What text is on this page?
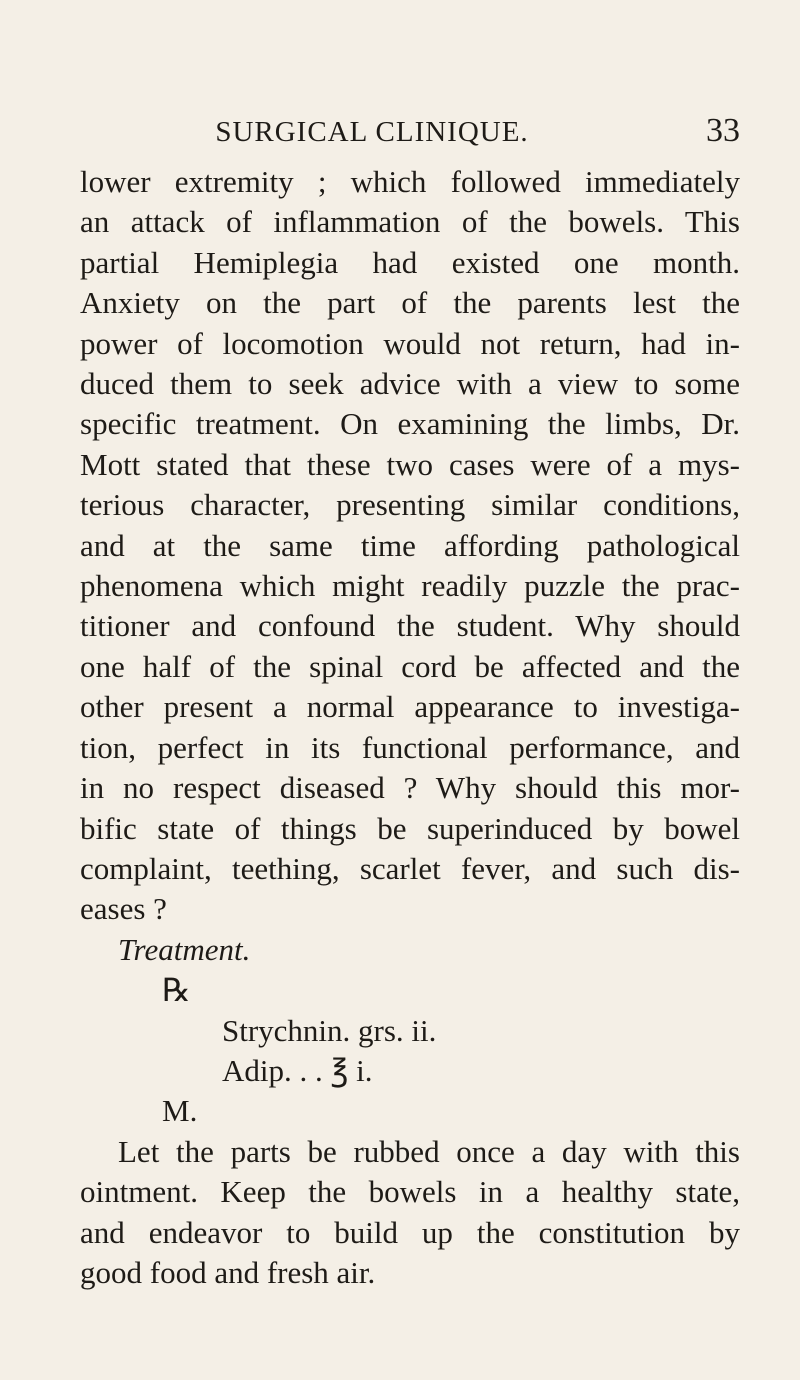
SURGICAL CLINIQUE.	33
lower extremity ; which followed immediately
an attack of inflammation of the bowels. This
partial Hemiplegia had existed one month.
Anxiety on the part of the parents lest the
power of locomotion would not return, had in-
duced them to seek advice with a view to some
specific treatment. On examining the limbs, Dr.
Mott stated that these two cases were of a mys-
terious character, presenting similar conditions,
and at the same time affording pathological
phenomena which might readily puzzle the prac-
titioner and confound the student. Why should
one half of the spinal cord be affected and the
other present a normal appearance to investiga-
tion, perfect in its functional performance, and
in no respect diseased ? Why should this mor-
bific state of things be superinduced by bowel
complaint, teething, scarlet fever, and such dis-
eases ?
Treatment.
℞
Strychnin. grs. ii.
Adip. . . ℥ i.
M.
Let the parts be rubbed once a day with this
ointment. Keep the bowels in a healthy state,
and endeavor to build up the constitution by
good food and fresh air.
